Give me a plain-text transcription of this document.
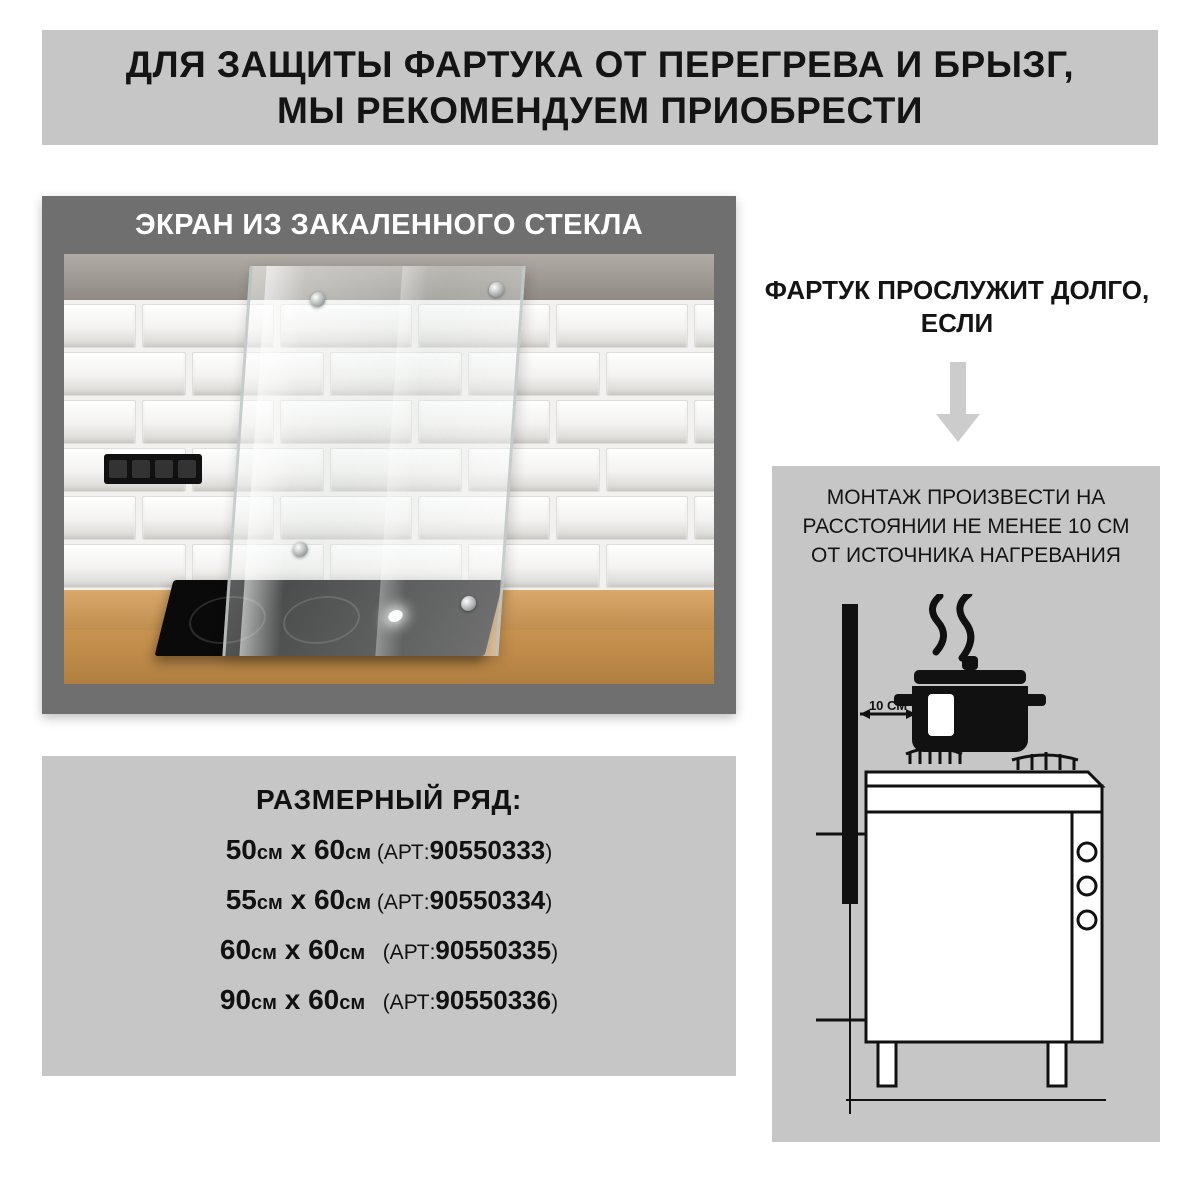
ДЛЯ ЗАЩИТЫ ФАРТУКА ОТ ПЕРЕГРЕВА И БРЫЗГ,
МЫ РЕКОМЕНДУЕМ ПРИОБРЕСТИ
ЭКРАН ИЗ ЗАКАЛЕННОГО СТЕКЛА
ФАРТУК ПРОСЛУЖИТ ДОЛГО,
ЕСЛИ
МОНТАЖ ПРОИЗВЕСТИ НА
РАССТОЯНИИ НЕ МЕНЕЕ 10 СМ
ОТ ИСТОЧНИКА НАГРЕВАНИЯ
10 СМ
РАЗМЕРНЫЙ РЯД:
50 см x 60 см (АРТ: 90550333 )
55 см x 60 см (АРТ: 90550334 )
60 см x 60 см (АРТ: 90550335 )
90 см x 60 см (АРТ: 90550336 )
